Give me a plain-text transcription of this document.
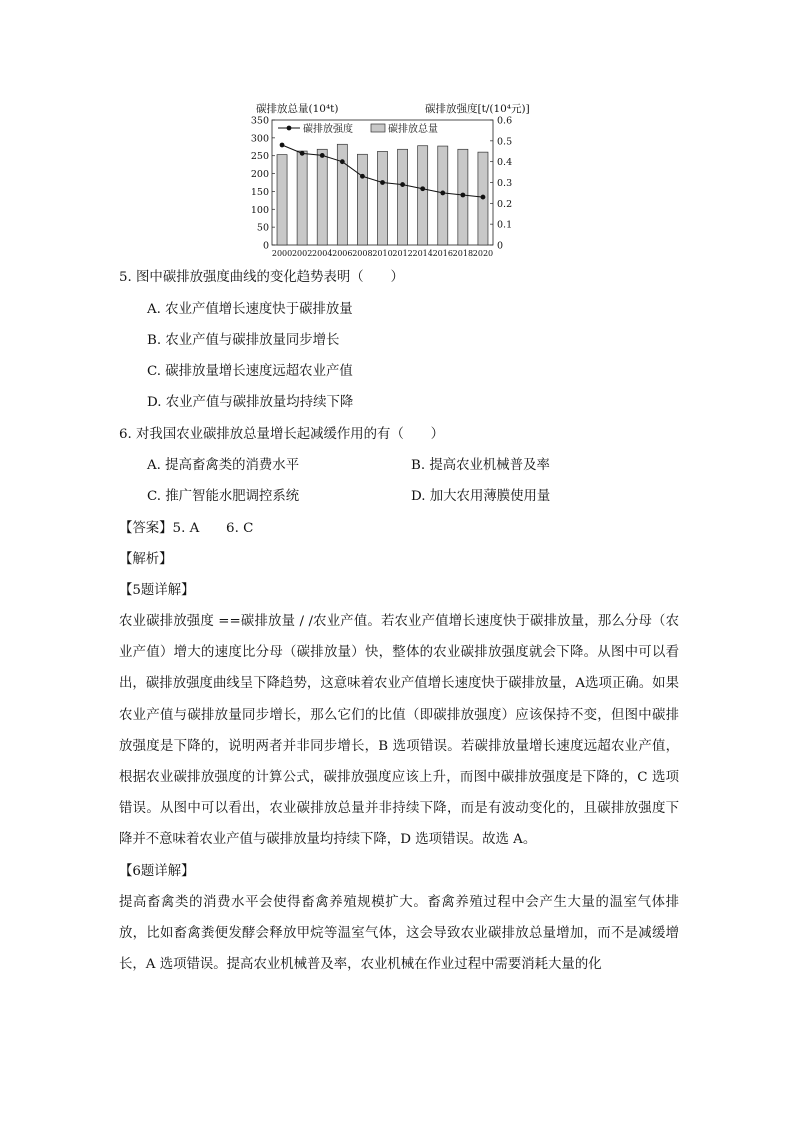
碳排放总量(10⁴t)	碳排放强度[t/(10⁴元)]
0
50
100
150
200
250
300
350
0
0.1
0.2
0.3
0.4
0.5
0.6
2000 2002 2004 2006 2008 2010 2012 2014 2016 2018 2020
碳排放强度	碳排放总量
5. 图中碳排放强度曲线的变化趋势表明（　　）
A. 农业产值增长速度快于碳排放量
B. 农业产值与碳排放量同步增长
C. 碳排放量增长速度远超农业产值
D. 农业产值与碳排放量均持续下降
6. 对我国农业碳排放总量增长起减缓作用的有（　　）
A. 提高畜禽类的消费水平	B. 提高农业机械普及率
C. 推广智能水肥调控系统	D. 加大农用薄膜使用量
【答案】5. A　　6. C
【解析】
【5题详解】
农业碳排放强度 ==碳排放量 / /农业产值。若农业产值增长速度快于碳排放量，那么分母（农业产值）增大的速度比分母（碳排放量）快，整体的农业碳排放强度就会下降。从图中可以看出，碳排放强度曲线呈下降趋势，这意味着农业产值增长速度快于碳排放量，A选项正确。如果农业产值与碳排放量同步增长，那么它们的比值（即碳排放强度）应该保持不变，但图中碳排放强度是下降的，说明两者并非同步增长，B 选项错误。若碳排放量增长速度远超农业产值，根据农业碳排放强度的计算公式，碳排放强度应该上升，而图中碳排放强度是下降的，C 选项错误。从图中可以看出，农业碳排放总量并非持续下降，而是有波动变化的，且碳排放强度下降并不意味着农业产值与碳排放量均持续下降，D 选项错误。故选 A。
【6题详解】
提高畜禽类的消费水平会使得畜禽养殖规模扩大。畜禽养殖过程中会产生大量的温室气体排放，比如畜禽粪便发酵会释放甲烷等温室气体，这会导致农业碳排放总量增加，而不是减缓增长，A 选项错误。提高农业机械普及率，农业机械在作业过程中需要消耗大量的化
